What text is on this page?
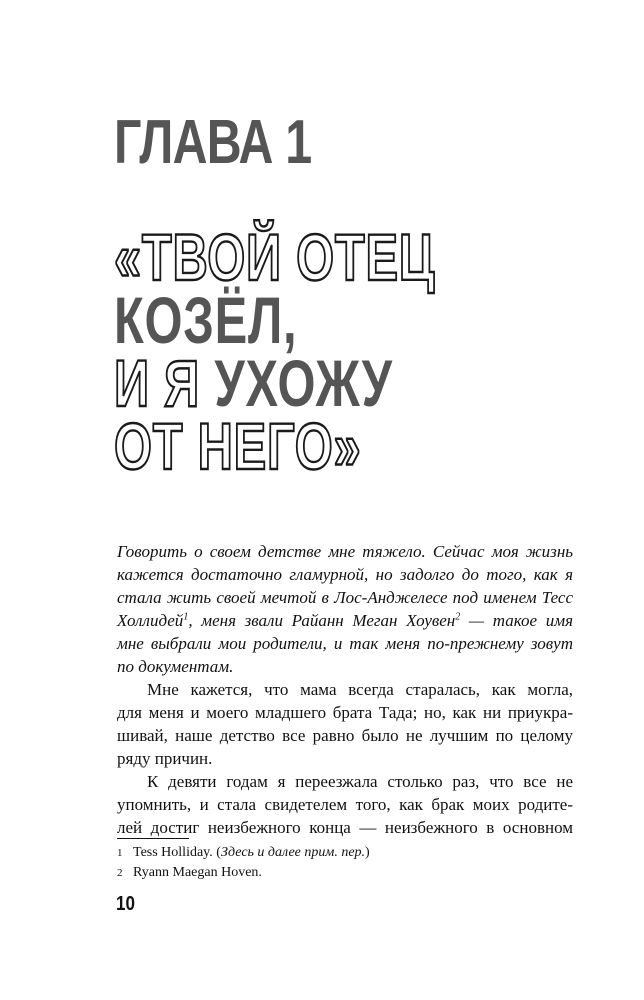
ГЛАВА 1
«ТВОЙ ОТЕЦ
КОЗЁЛ,
И Я УХОЖУ
ОТ НЕГО»

Говорить о своем детстве мне тяжело. Сейчас моя жизнь

кажется достаточно гламурной, но задолго до того, как я

стала жить своей мечтой в Лос-Анджелесе под именем Тесс

Холлидей$^1$, меня звали Райанн Меган Хоувен$^2$ — такое имя

мне выбрали мои родители, и так меня по-прежнему зовут

по документам.

Мне кажется, что мама всегда старалась, как могла,

для меня и моего младшего брата Тада; но, как ни приукра-

шивай, наше детство все равно было не лучшим по целому

ряду причин.

К девяти годам я переезжала столько раз, что все не

упомнить, и стала свидетелем того, как брак моих родите-

лей достиг неизбежного конца — неизбежного в основном

1 Tess Holliday. (Здесь и далее прим. пер.)
2 Ryann Maegan Hoven.
10
